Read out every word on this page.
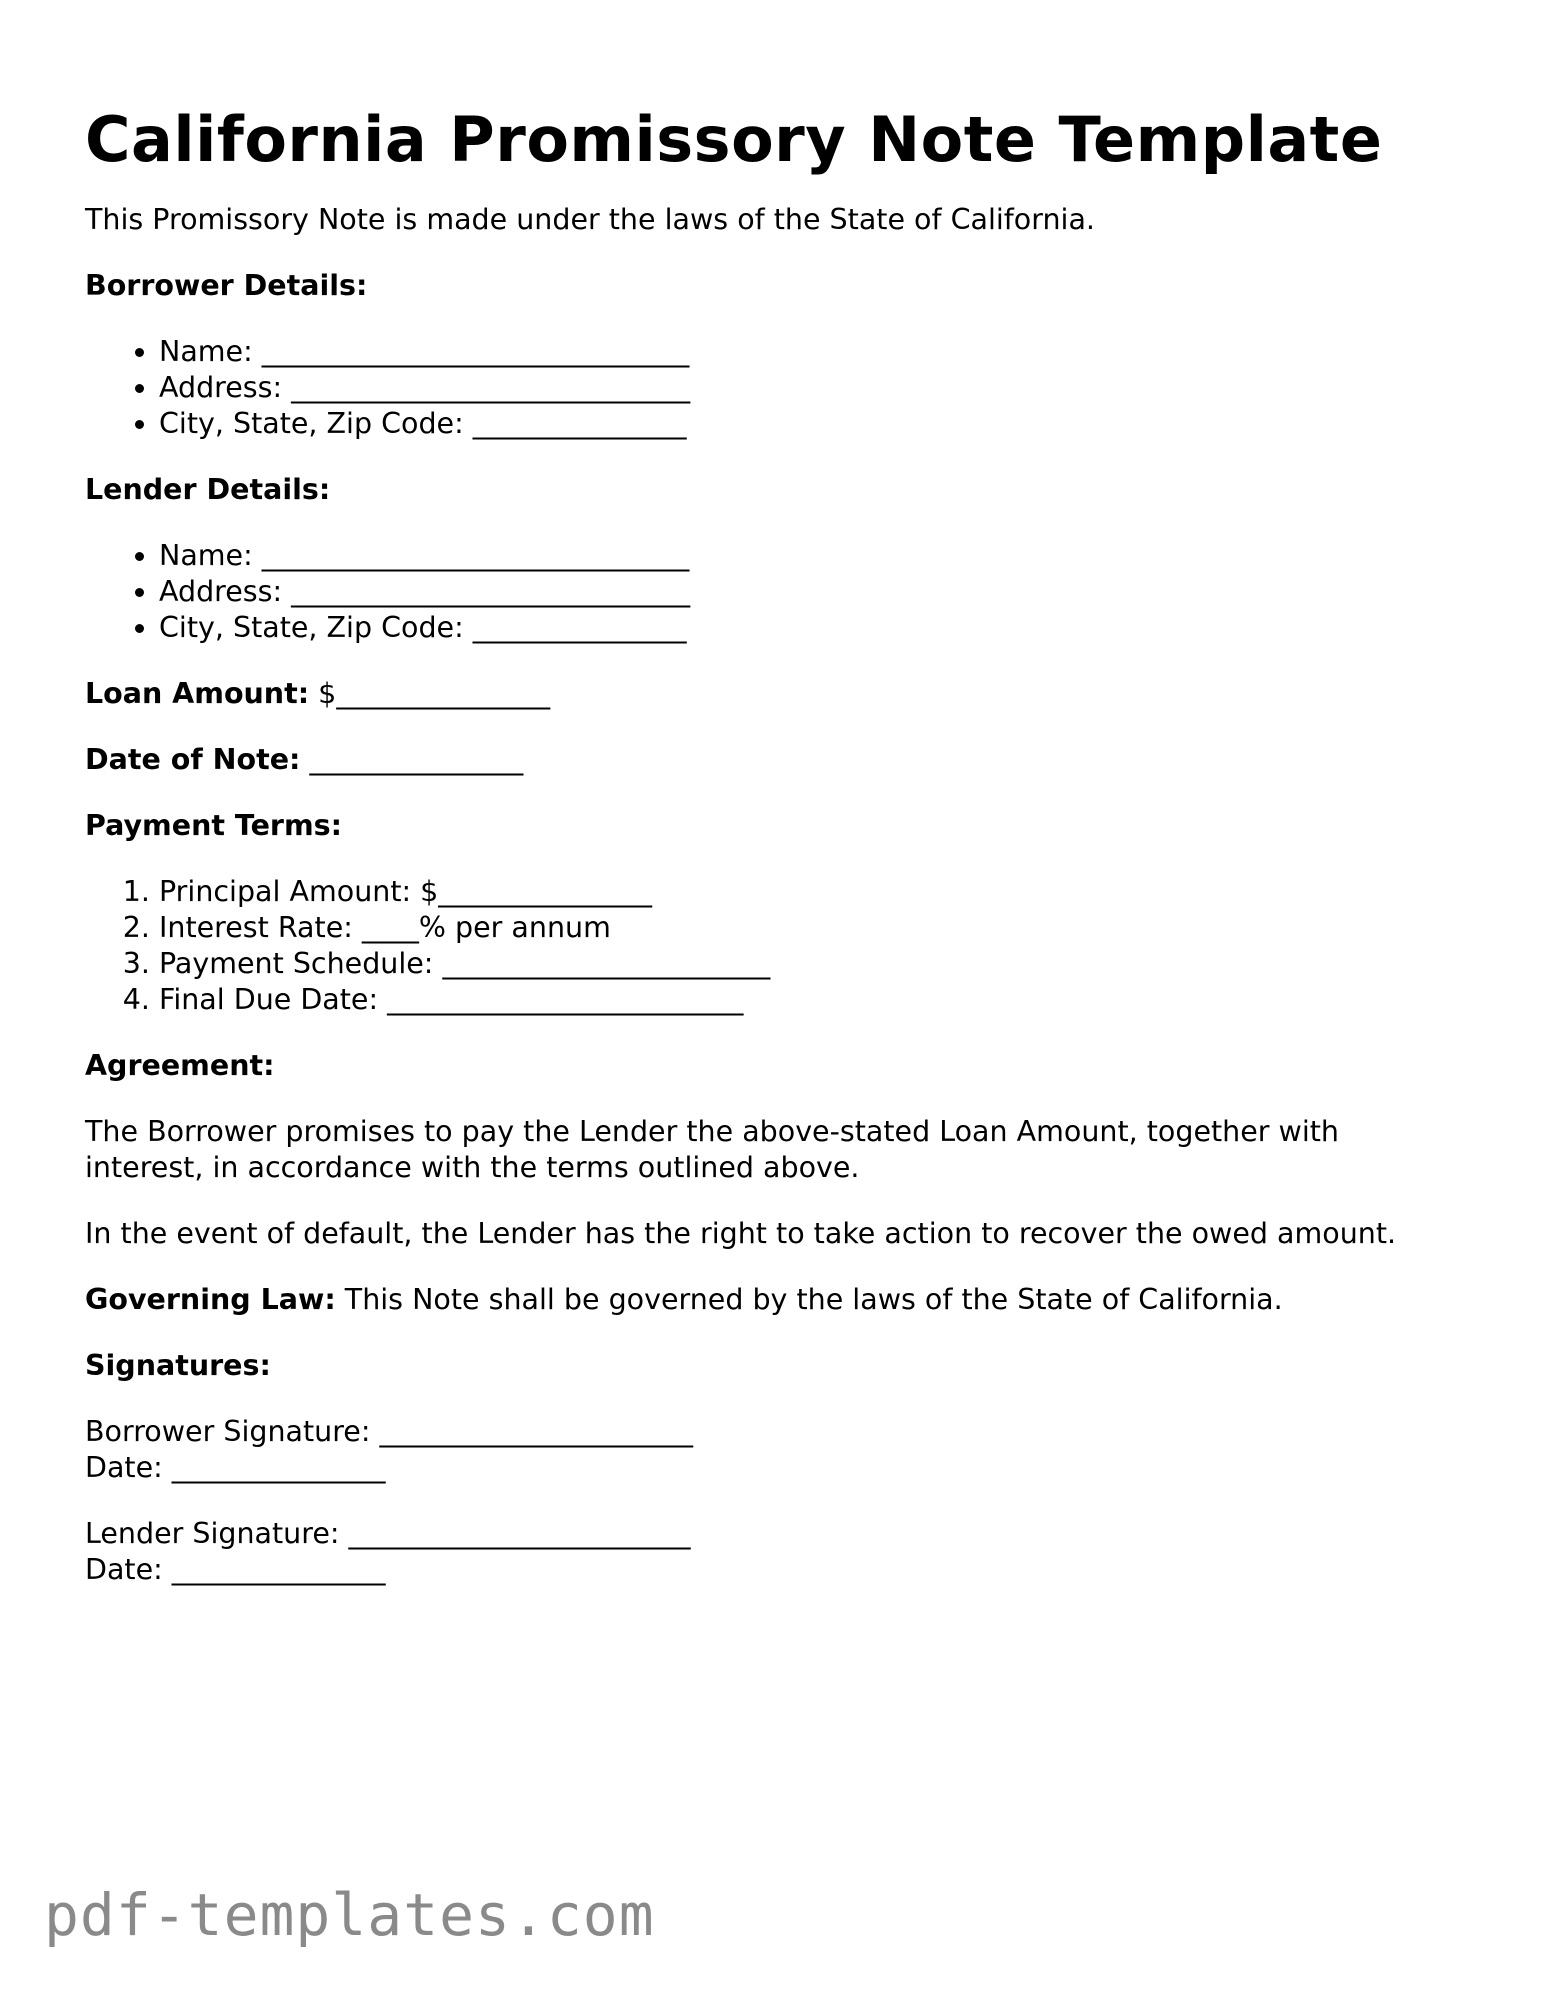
California Promissory Note Template

This Promissory Note is made under the laws of the State of California.

Borrower Details:

• Name: ______________________________
• Address: ____________________________
• City, State, Zip Code: _______________

Lender Details:

• Name: ______________________________
• Address: ____________________________
• City, State, Zip Code: _______________

Loan Amount: $_______________

Date of Note: _______________

Payment Terms:

1. Principal Amount: $_______________
2. Interest Rate: ____% per annum
3. Payment Schedule: _______________________
4. Final Due Date: _________________________

Agreement:

The Borrower promises to pay the Lender the above-stated Loan Amount, together with interest, in accordance with the terms outlined above.

In the event of default, the Lender has the right to take action to recover the owed amount.

Governing Law: This Note shall be governed by the laws of the State of California.

Signatures:

Borrower Signature: ______________________
Date: _______________
Lender Signature: ________________________
Date: _______________
pdf-templates.com
